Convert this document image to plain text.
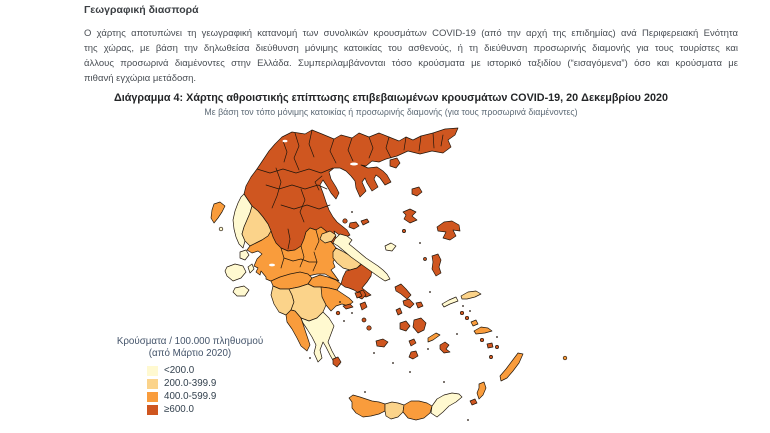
Γεωγραφική διασπορά
Ο χάρτης αποτυπώνει τη γεωγραφική κατανομή των συνολικών κρουσμάτων COVID-19 (από την αρχή της επιδημίας) ανά Περιφερειακή Ενότητα
της χώρας, με βάση την δηλωθείσα διεύθυνση μόνιμης κατοικίας του ασθενούς, ή τη διεύθυνση προσωρινής διαμονής για τους τουρίστες και
άλλους προσωρινά διαμένοντες στην Ελλάδα. Συμπεριλαμβάνονται τόσο κρούσματα με ιστορικό ταξιδίου (“εισαγόμενα”) όσο και κρούσματα με
πιθανή εγχώρια μετάδοση.
Διάγραμμα 4: Χάρτης αθροιστικής επίπτωσης επιβεβαιωμένων κρουσμάτων COVID-19, 20 Δεκεμβρίου 2020
Με βάση τον τόπο μόνιμης κατοικίας ή προσωρινής διαμονής (για τους προσωρινά διαμένοντες)
Κρούσματα / 100.000 πληθυσμού
(από Μάρτιο 2020)
<200.0
200.0-399.9
400.0-599.9
≥600.0
